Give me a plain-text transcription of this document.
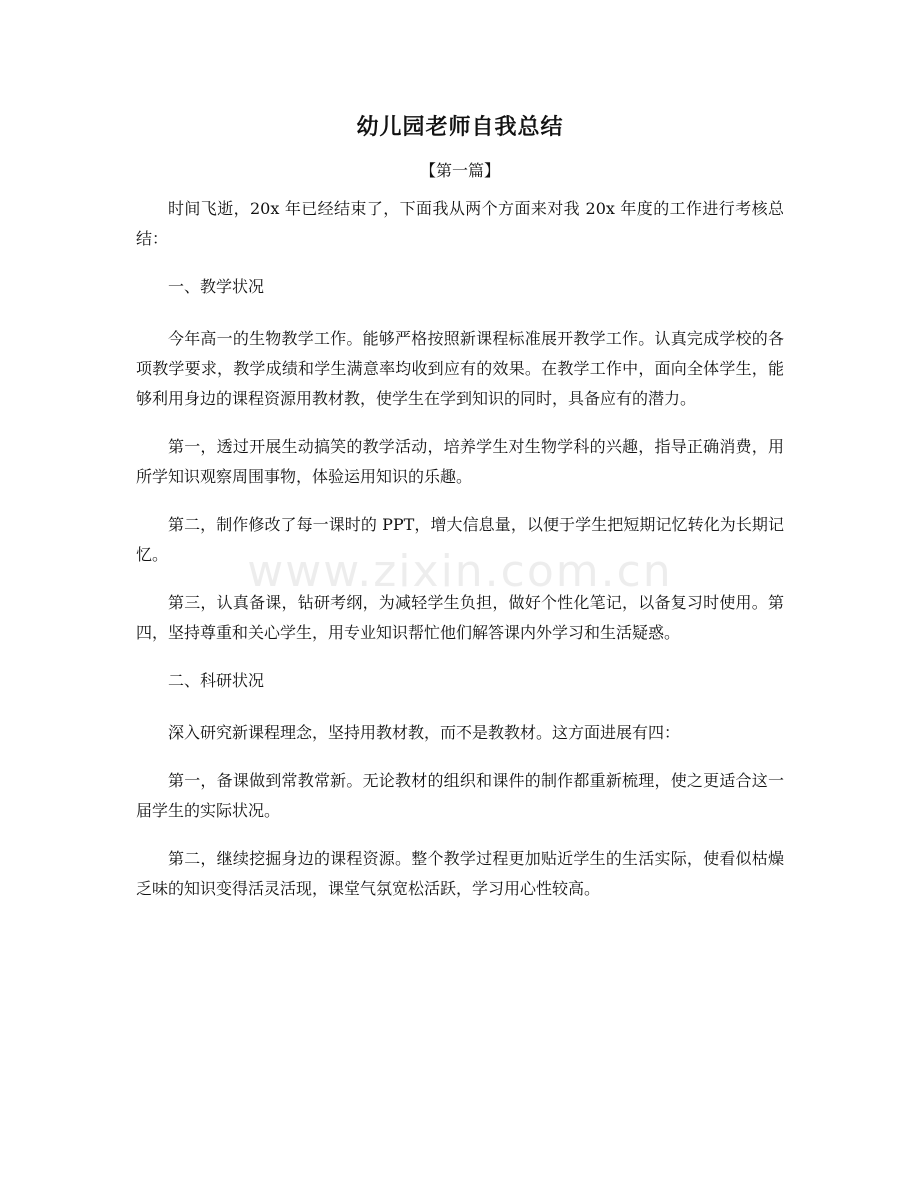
幼儿园老师自我总结

【第一篇】

时间飞逝，20x 年已经结束了，下面我从两个方面来对我 20x 年度的工作进行考核总结：

一、教学状况

今年高一的生物教学工作。能够严格按照新课程标准展开教学工作。认真完成学校的各项教学要求，教学成绩和学生满意率均收到应有的效果。在教学工作中，面向全体学生，能够利用身边的课程资源用教材教，使学生在学到知识的同时，具备应有的潜力。

第一，透过开展生动搞笑的教学活动，培养学生对生物学科的兴趣，指导正确消费，用所学知识观察周围事物，体验运用知识的乐趣。

第二，制作修改了每一课时的 PPT，增大信息量，以便于学生把短期记忆转化为长期记忆。

第三，认真备课，钻研考纲，为减轻学生负担，做好个性化笔记，以备复习时使用。第四，坚持尊重和关心学生，用专业知识帮忙他们解答课内外学习和生活疑惑。

二、科研状况

深入研究新课程理念，坚持用教材教，而不是教教材。这方面进展有四：

第一，备课做到常教常新。无论教材的组织和课件的制作都重新梳理，使之更适合这一届学生的实际状况。

第二，继续挖掘身边的课程资源。整个教学过程更加贴近学生的生活实际，使看似枯燥乏味的知识变得活灵活现，课堂气氛宽松活跃，学习用心性较高。

www.zixin.com.cn
